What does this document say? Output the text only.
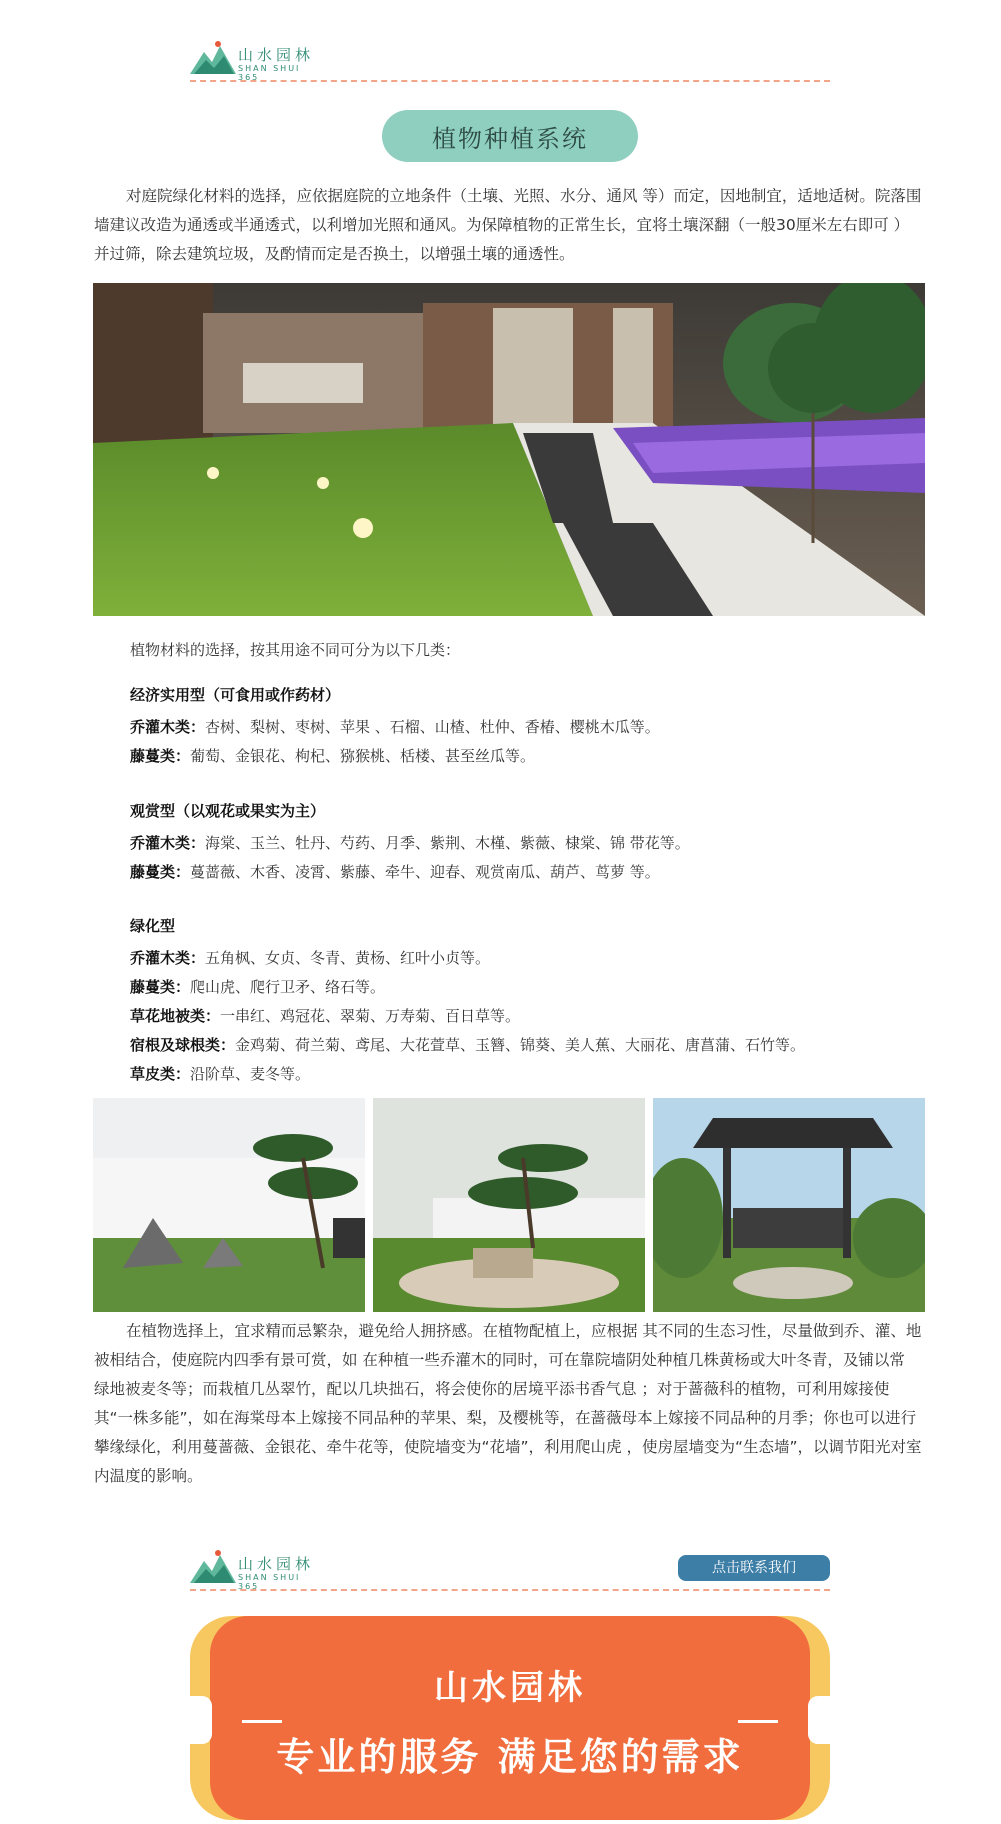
山水园林
SHAN SHUI 365
植物种植系统

对庭院绿化材料的选择，应依据庭院的立地条件（土壤、光照、水分、通风 等）而定，因地制宜，适地适树。院落围墙建议改造为通透或半通透式，以利增加光照和通风。为保障植物的正常生长，宜将土壤深翻（一般30厘米左右即可 ）并过筛，除去建筑垃圾，及酌情而定是否换土，以增强土壤的通透性。

植物材料的选择，按其用途不同可分为以下几类：
经济实用型（可食用或作药材）
乔灌木类：杏树、梨树、枣树、苹果 、石榴、山楂、杜仲、香椿、樱桃木瓜等。
藤蔓类：葡萄、金银花、枸杞、猕猴桃、栝楼、甚至丝瓜等。
观赏型（以观花或果实为主）
乔灌木类：海棠、玉兰、牡丹、芍药、月季、紫荆、木槿、紫薇、棣棠、锦 带花等。
藤蔓类：蔓蔷薇、木香、凌霄、紫藤、牵牛、迎春、观赏南瓜、葫芦、茑萝 等。
绿化型
乔灌木类：五角枫、女贞、冬青、黄杨、红叶小贞等。
藤蔓类：爬山虎、爬行卫矛、络石等。
草花地被类：一串红、鸡冠花、翠菊、万寿菊、百日草等。
宿根及球根类：金鸡菊、荷兰菊、鸢尾、大花萱草、玉簪、锦葵、美人蕉、大丽花、唐菖蒲、石竹等。
草皮类：沿阶草、麦冬等。

在植物选择上，宜求精而忌繁杂，避免给人拥挤感。在植物配植上，应根据 其不同的生态习性，尽量做到乔、灌、地被相结合，使庭院内四季有景可赏，如 在种植一些乔灌木的同时，可在靠院墙阴处种植几株黄杨或大叶冬青，及铺以常 绿地被麦冬等；而栽植几丛翠竹，配以几块拙石，将会使你的居境平添书香气息 ；对于蔷薇科的植物，可利用嫁接使其“一株多能”，如在海棠母本上嫁接不同品种的苹果、梨，及樱桃等，在蔷薇母本上嫁接不同品种的月季；你也可以进行 攀缘绿化，利用蔓蔷薇、金银花、牵牛花等，使院墙变为“花墙”，利用爬山虎 ，使房屋墙变为“生态墙”，以调节阳光对室内温度的影响。

山水园林
SHAN SHUI 365
点击联系我们
山水园林
专业的服务 满足您的需求
